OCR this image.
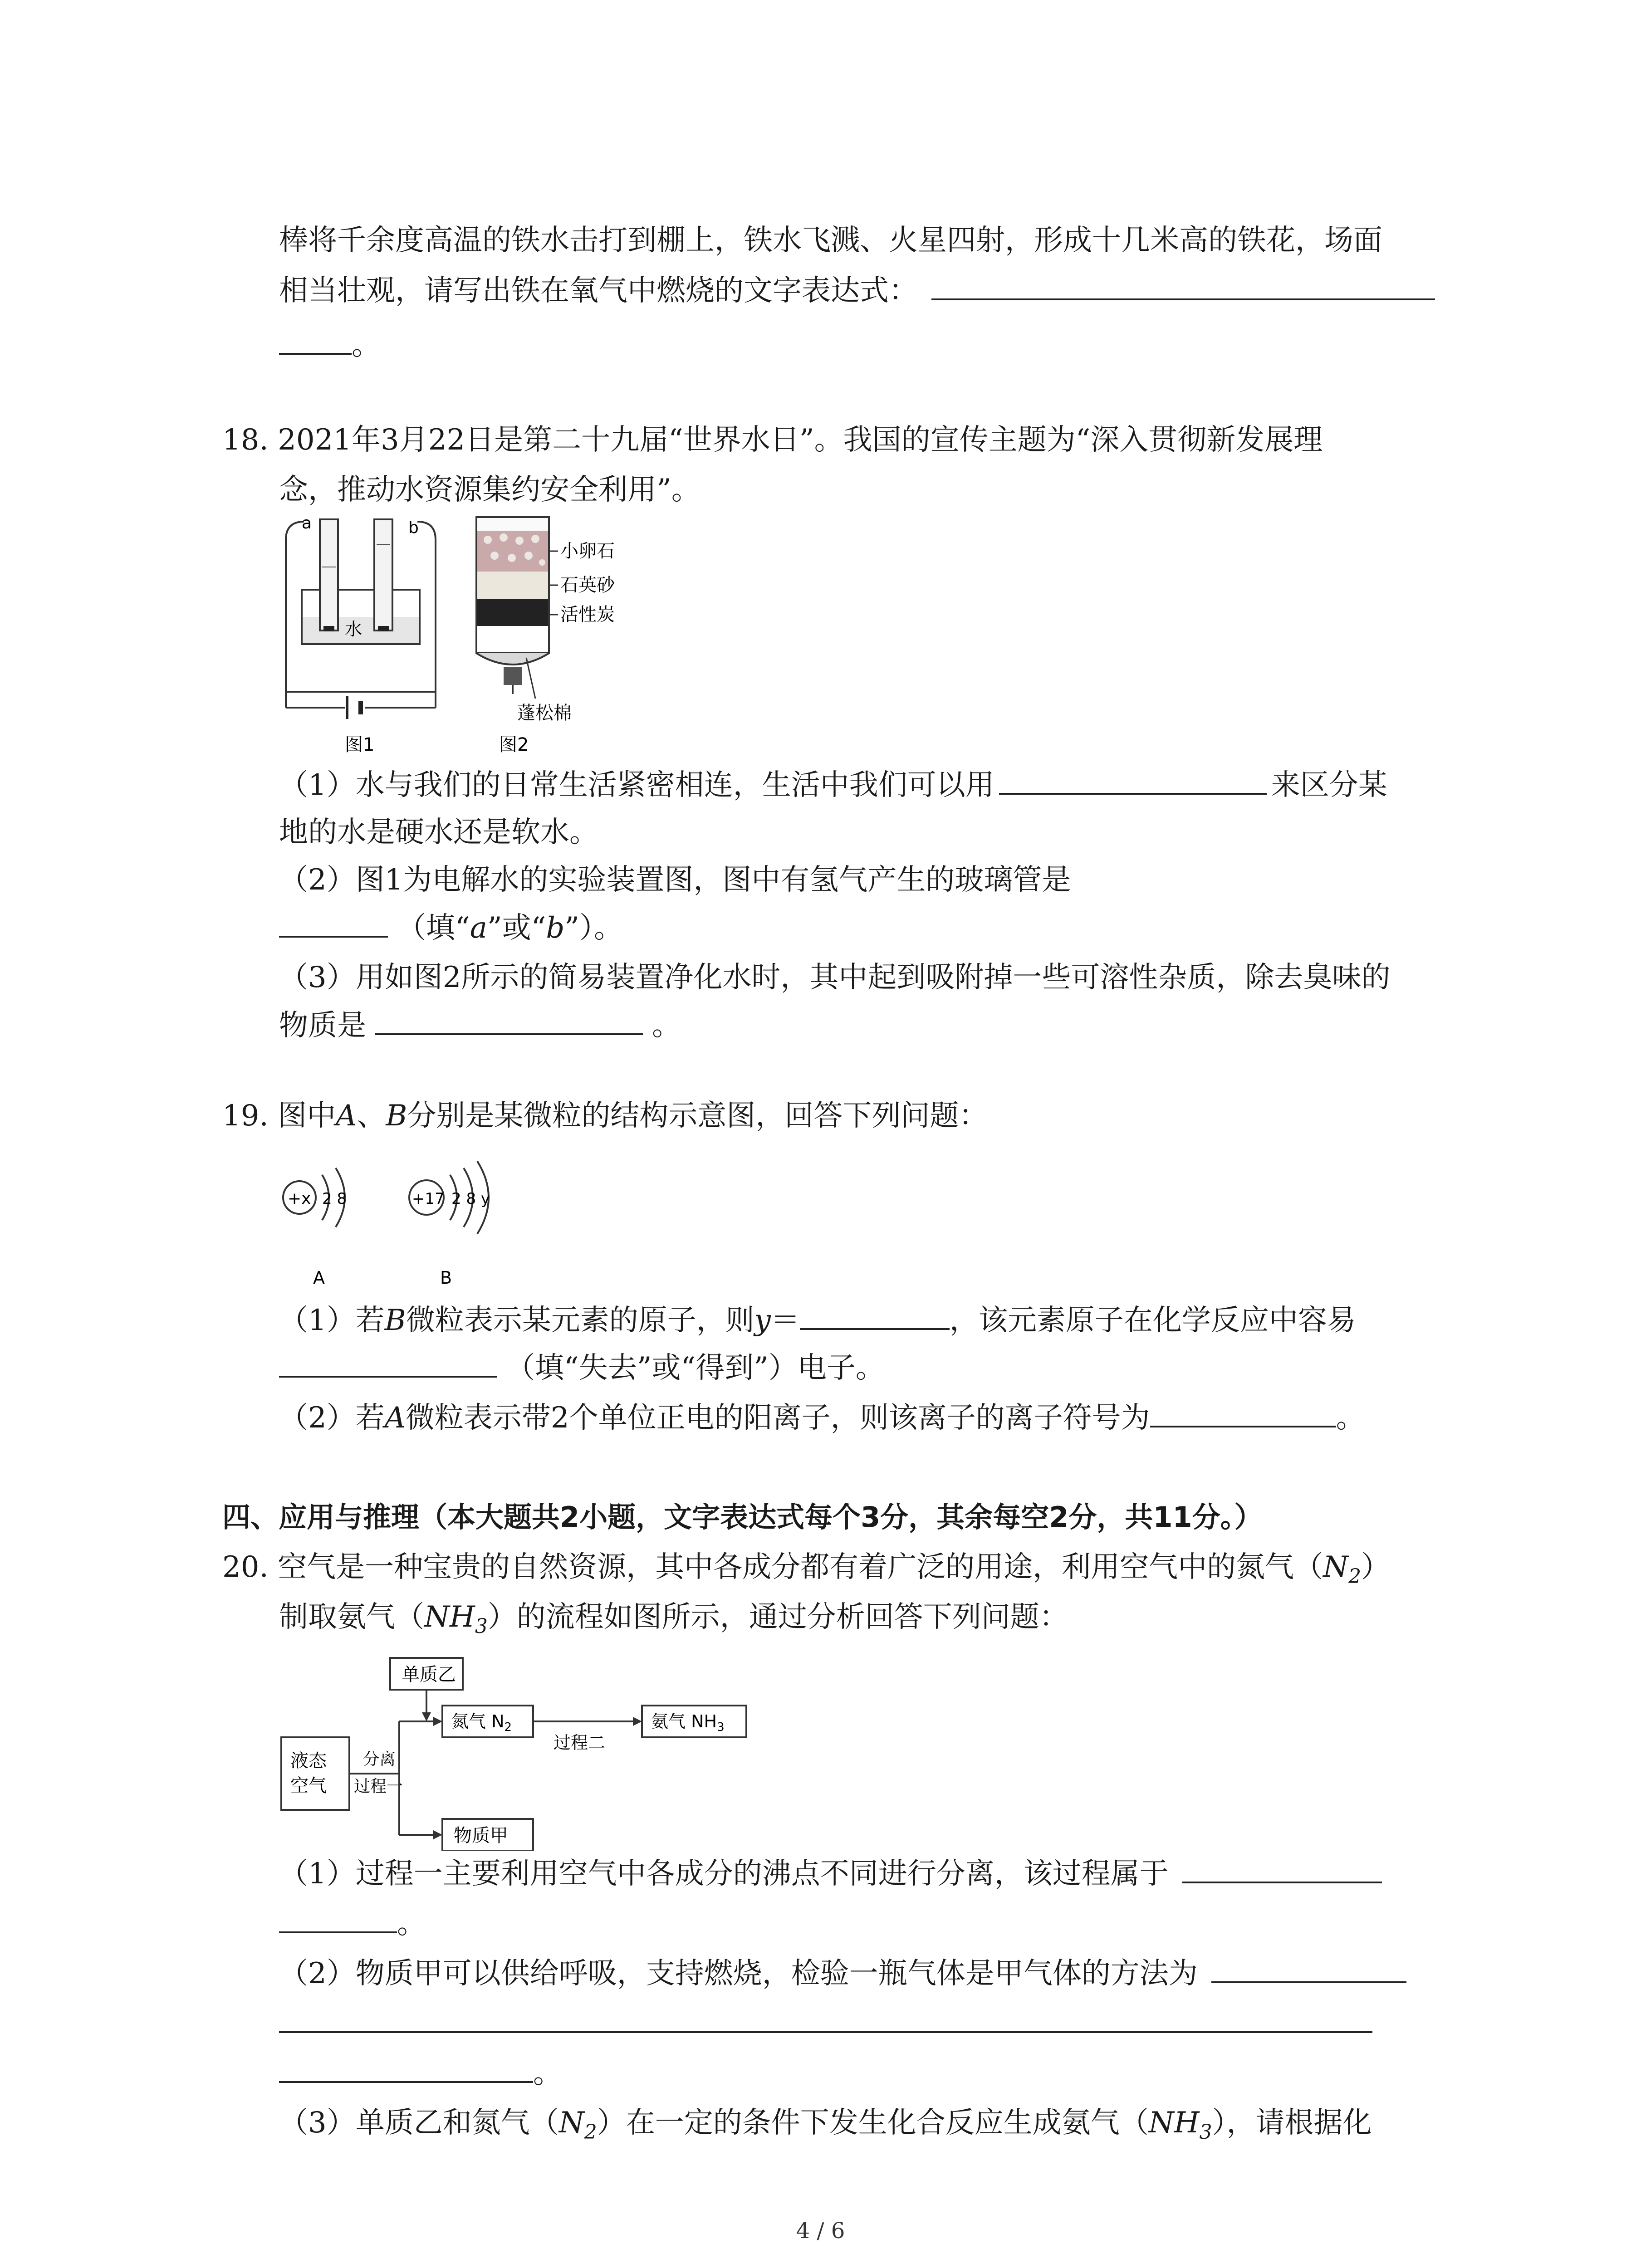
棒将千余度高温的铁水击打到棚上，铁水飞溅、火星四射，形成十几米高的铁花，场面
相当壮观，请写出铁在氧气中燃烧的文字表达式：
。
18. 2021年3月22日是第二十九届“世界水日”。我国的宣传主题为“深入贯彻新发展理
念，推动水资源集约安全利用”。
水
a	b
图1
小卵石
石英砂
活性炭
蓬松棉
图2
（1）水与我们的日常生活紧密相连，生活中我们可以用	来区分某
地的水是硬水还是软水。
（2）图1为电解水的实验装置图，图中有氢气产生的玻璃管是
（填“a”或“b”）。
（3）用如图2所示的简易装置净化水时，其中起到吸附掉一些可溶性杂质，除去臭味的
物质是	。
19. 图中A、B分别是某微粒的结构示意图，回答下列问题：
+x 2 8
A
+17 2 8 y
B
（1）若B微粒表示某元素的原子，则y＝	，该元素原子在化学反应中容易
（填“失去”或“得到”）电子。
（2）若A微粒表示带2个单位正电的阳离子，则该离子的离子符号为	。
四、应用与推理（本大题共2小题，文字表达式每个3分，其余每空2分，共11分。）
20. 空气是一种宝贵的自然资源，其中各成分都有着广泛的用途，利用空气中的氮气$(N_2)$
制取氨气$(NH_3)$的流程如图所示，通过分析回答下列问题：
单质乙
液态
空气
分离
过程一
氮气 $N_2$
过程二
氨气 $NH_3$
物质甲
（1）过程一主要利用空气中各成分的沸点不同进行分离，该过程属于
。
（2）物质甲可以供给呼吸，支持燃烧，检验一瓶气体是甲气体的方法为
。
（3）单质乙和氮气$(N_2)$在一定的条件下发生化合反应生成氨气$(NH_3)$，请根据化
4 / 6
